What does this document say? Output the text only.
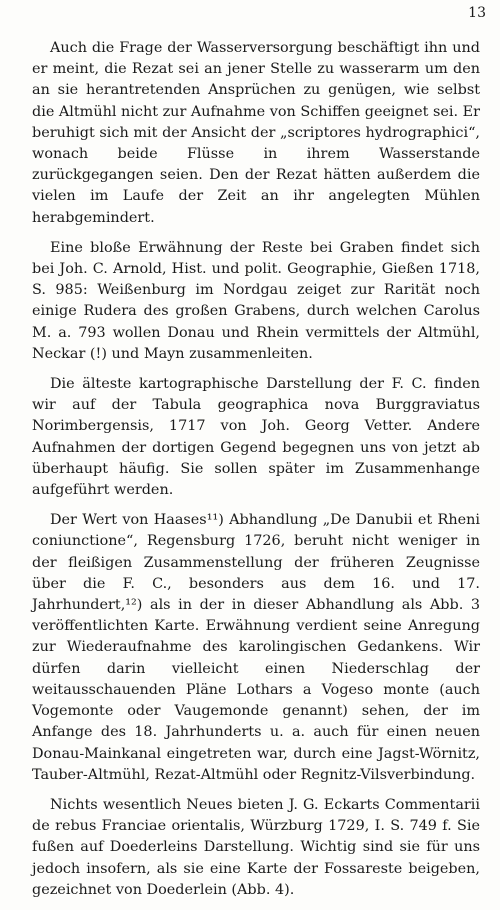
13

Auch die Frage der Wasserversorgung beschäftigt ihn und er meint, die Rezat sei an jener Stelle zu wasserarm um den an sie herantretenden Ansprüchen zu genügen, wie selbst die Altmühl nicht zur Aufnahme von Schiffen geeignet sei. Er beruhigt sich mit der Ansicht der „scriptores hydrographici“, wonach beide Flüsse in ihrem Wasserstande zurückgegangen seien. Den der Rezat hätten außerdem die vielen im Laufe der Zeit an ihr angelegten Mühlen herabgemindert.

Eine bloße Erwähnung der Reste bei Graben findet sich bei Joh. C. Arnold, Hist. und polit. Geographie, Gießen 1718, S. 985: Weißenburg im Nordgau zeiget zur Rarität noch einige Rudera des großen Grabens, durch welchen Carolus M. a. 793 wollen Donau und Rhein vermittels der Altmühl, Neckar (!) und Mayn zusammenleiten.

Die älteste kartographische Darstellung der F. C. finden wir auf der Tabula geographica nova Burggraviatus Norimbergensis, 1717 von Joh. Georg Vetter. Andere Aufnahmen der dortigen Gegend begegnen uns von jetzt ab überhaupt häufig. Sie sollen später im Zusammenhange aufgeführt werden.

Der Wert von Haases¹¹) Abhandlung „De Danubii et Rheni coniunctione“, Regensburg 1726, beruht nicht weniger in der fleißigen Zusammenstellung der früheren Zeugnisse über die F. C., besonders aus dem 16. und 17. Jahrhundert,¹²) als in der in dieser Abhandlung als Abb. 3 veröffentlichten Karte. Erwähnung verdient seine Anregung zur Wiederaufnahme des karolingischen Gedankens. Wir dürfen darin vielleicht einen Niederschlag der weitausschauenden Pläne Lothars a Vogeso monte (auch Vogemonte oder Vaugemonde genannt) sehen, der im Anfange des 18. Jahrhunderts u. a. auch für einen neuen Donau-Mainkanal eingetreten war, durch eine Jagst-Wörnitz, Tauber-Altmühl, Rezat-Altmühl oder Regnitz-Vilsverbindung.

Nichts wesentlich Neues bieten J. G. Eckarts Commentarii de rebus Franciae orientalis, Würzburg 1729, I. S. 749 f. Sie fußen auf Doederleins Darstellung. Wichtig sind sie für uns jedoch insofern, als sie eine Karte der Fossareste beigeben, gezeichnet von Doederlein (Abb. 4).
